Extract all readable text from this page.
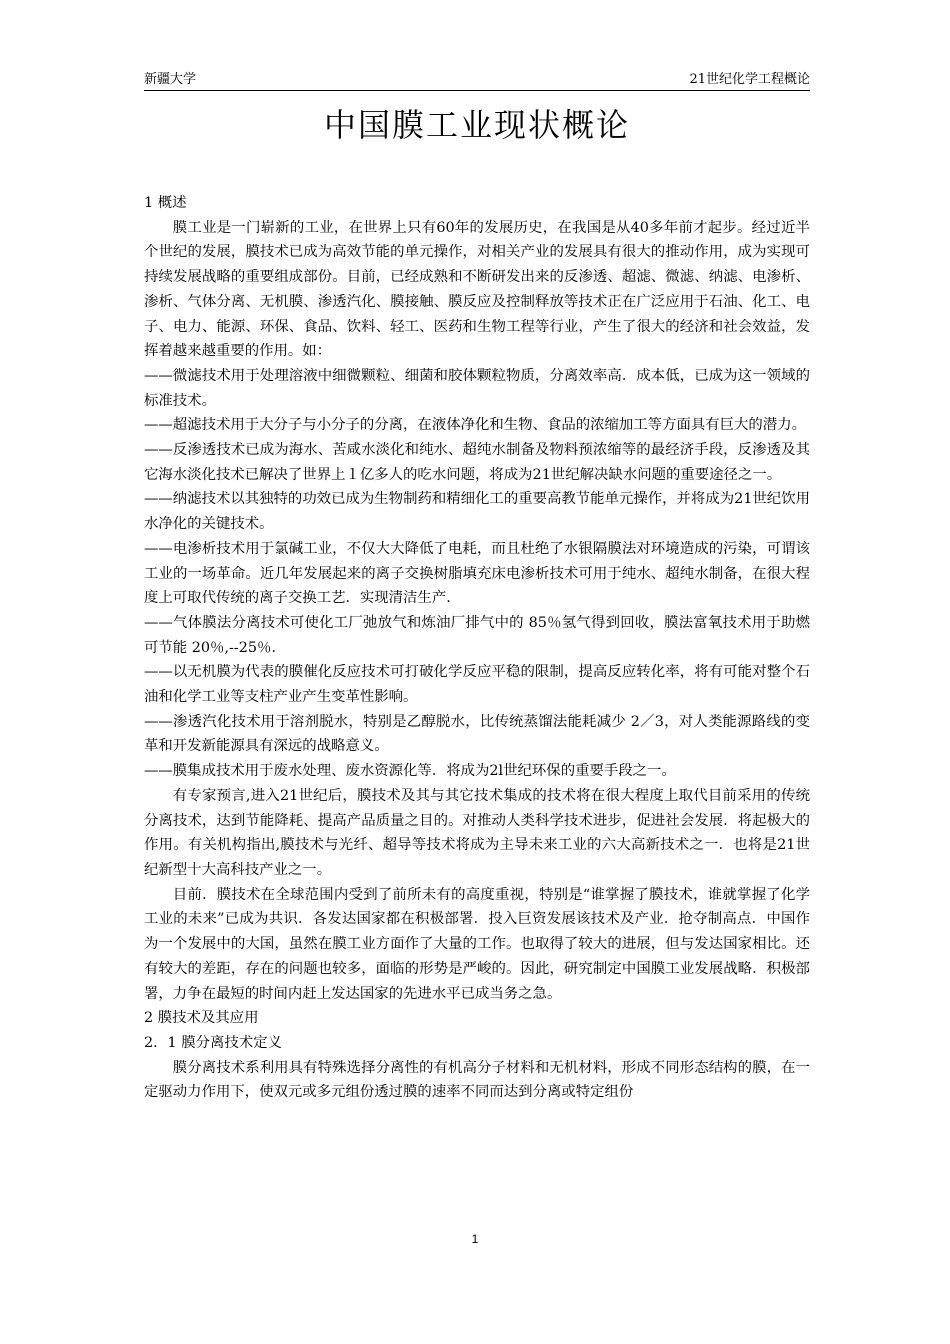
新疆大学	21世纪化学工程概论
中国膜工业现状概论

1 概述

膜工业是一门崭新的工业，在世界上只有60年的发展历史，在我国是从40多年前才起步。经过近半个世纪的发展，膜技术已成为高效节能的单元操作，对相关产业的发展具有很大的推动作用，成为实现可持续发展战略的重要组成部份。目前，已经成熟和不断研发出来的反渗透、超滤、微滤、纳滤、电渗析、渗析、气体分离、无机膜、渗透汽化、膜接触、膜反应及控制释放等技术正在广泛应用于石油、化工、电子、电力、能源、环保、食品、饮料、轻工、医药和生物工程等行业，产生了很大的经济和社会效益，发挥着越来越重要的作用。如：

——微滤技术用于处理溶液中细微颗粒、细菌和胶体颗粒物质，分离效率高．成本低，已成为这一领域的标准技术。

——超滤技术用于大分子与小分子的分离，在液体净化和生物、食品的浓缩加工等方面具有巨大的潜力。

——反渗透技术已成为海水、苦咸水淡化和纯水、超纯水制备及物料预浓缩等的最经济手段，反渗透及其它海水淡化技术已解决了世界上１亿多人的吃水问题，将成为21世纪解决缺水问题的重要途径之一。

——纳滤技术以其独特的功效已成为生物制药和精细化工的重要高教节能单元操作，并将成为21世纪饮用水净化的关键技术。

——电渗析技术用于氯碱工业，不仅大大降低了电耗，而且杜绝了水银隔膜法对环境造成的污染，可谓该工业的一场革命。近几年发展起来的离子交换树脂填充床电渗析技术可用于纯水、超纯水制备，在很大程度上可取代传统的离子交换工艺．实现清洁生产．

——气体膜法分离技术可使化工厂弛放气和炼油厂排气中的 85％氢气得到回收，膜法富氧技术用于助燃可节能 20％,--25％．

——以无机膜为代表的膜催化反应技术可打破化学反应平稳的限制，提高反应转化率，将有可能对整个石油和化学工业等支柱产业产生变革性影响。

——渗透汽化技术用于溶剂脱水，特别是乙醇脱水，比传统蒸馏法能耗减少 2／3，对人类能源路线的变革和开发新能源具有深远的战略意义。

——膜集成技术用于废水处理、废水资源化等．将成为2l世纪环保的重要手段之一。

有专家预言,进入21世纪后，膜技术及其与其它技术集成的技术将在很大程度上取代目前采用的传统分离技术，达到节能降耗、提高产品质量之目的。对推动人类科学技术进步，促进社会发展．将起极大的作用。有关机构指出,膜技术与光纤、超导等技术将成为主导未来工业的六大高新技术之一．也将是21世纪新型十大高科技产业之一。

目前．膜技术在全球范围内受到了前所未有的高度重视，特别是“谁掌握了膜技术，谁就掌握了化学工业的未来”已成为共识．各发达国家都在积极部署．投入巨资发展该技术及产业．抢夺制高点．中国作为一个发展中的大国，虽然在膜工业方面作了大量的工作。也取得了较大的进展，但与发达国家相比。还有较大的差距，存在的问题也较多，面临的形势是严峻的。因此，研究制定中国膜工业发展战略．积极部署，力争在最短的时间内赶上发达国家的先进水平已成当务之急。

2 膜技术及其应用

2．1 膜分离技术定义

膜分离技术系利用具有特殊选择分离性的有机高分子材料和无机材料，形成不同形态结构的膜，在一定驱动力作用下，使双元或多元组份透过膜的速率不同而达到分离或特定组份

1
